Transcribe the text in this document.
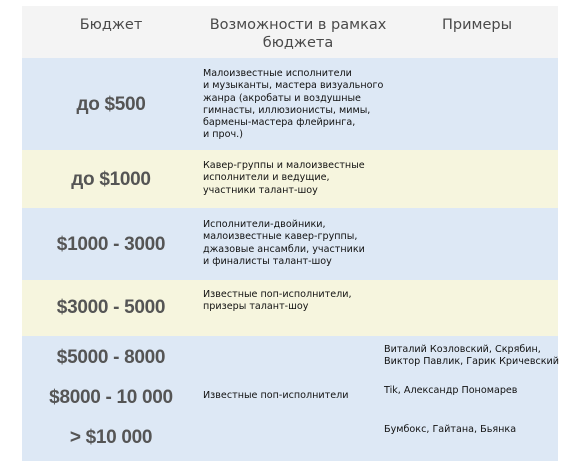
Бюджет	Возможности в рамках
бюджета
Примеры
до $500
Малоизвестные исполнители
и музыканты, мастера визуального
жанра (акробаты и воздушные
гимнасты, иллюзионисты, мимы,
бармены-мастера флейринга,
и проч.)
до $1000
Кавер-группы и малоизвестные
исполнители и ведущие,
участники талант-шоу
$1000 - 3000
Исполнители-двойники,
малоизвестные кавер-группы,
джазовые ансамбли, участники
и финалисты талант-шоу
$3000 - 5000
Известные поп-исполнители,
призеры талант-шоу
$5000 - 8000
$8000 - 10 000
> $10 000
Известные поп-исполнители
Виталий Козловский, Скрябин,
Виктор Павлик, Гарик Кричевский
Tik, Александр Пономарев
Бумбокс, Гайтана, Бьянка
